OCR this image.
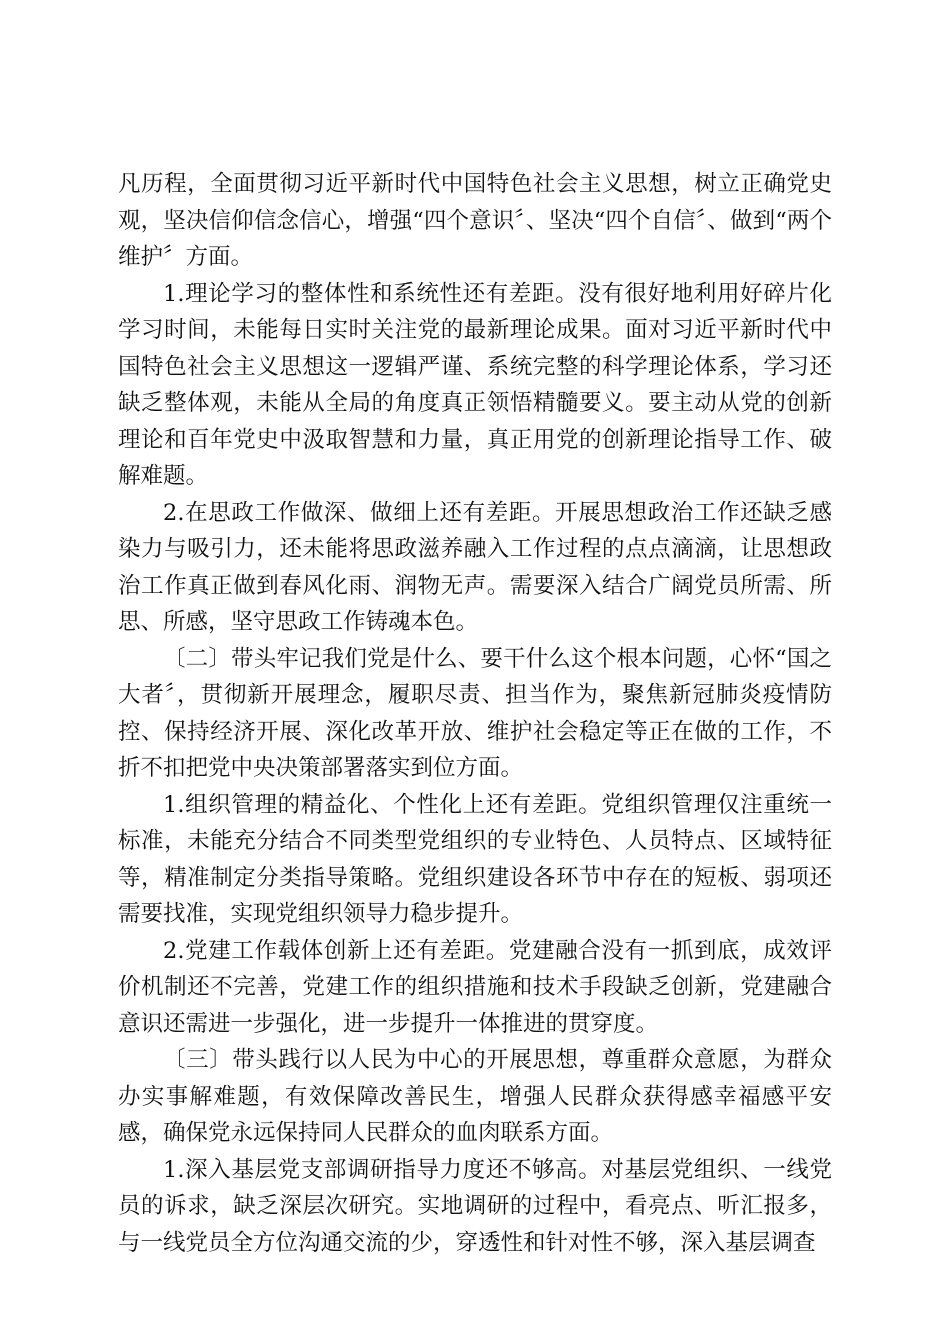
凡历程，全面贯彻习近平新时代中国特色社会主义思想，树立正确党史观，坚决信仰信念信心，增强“四个意识〞、坚决“四个自信〞、做到“两个维护〞方面。

1.理论学习的整体性和系统性还有差距。没有很好地利用好碎片化学习时间，未能每日实时关注党的最新理论成果。面对习近平新时代中国特色社会主义思想这一逻辑严谨、系统完整的科学理论体系，学习还缺乏整体观，未能从全局的角度真正领悟精髓要义。要主动从党的创新理论和百年党史中汲取智慧和力量，真正用党的创新理论指导工作、破解难题。

2.在思政工作做深、做细上还有差距。开展思想政治工作还缺乏感染力与吸引力，还未能将思政滋养融入工作过程的点点滴滴，让思想政治工作真正做到春风化雨、润物无声。需要深入结合广阔党员所需、所思、所感，坚守思政工作铸魂本色。

〔二〕带头牢记我们党是什么、要干什么这个根本问题，心怀“国之大者〞，贯彻新开展理念，履职尽责、担当作为，聚焦新冠肺炎疫情防控、保持经济开展、深化改革开放、维护社会稳定等正在做的工作，不折不扣把党中央决策部署落实到位方面。

1.组织管理的精益化、个性化上还有差距。党组织管理仅注重统一标准，未能充分结合不同类型党组织的专业特色、人员特点、区域特征等，精准制定分类指导策略。党组织建设各环节中存在的短板、弱项还需要找准，实现党组织领导力稳步提升。

2.党建工作载体创新上还有差距。党建融合没有一抓到底，成效评价机制还不完善，党建工作的组织措施和技术手段缺乏创新，党建融合意识还需进一步强化，进一步提升一体推进的贯穿度。

〔三〕带头践行以人民为中心的开展思想，尊重群众意愿，为群众办实事解难题，有效保障改善民生，增强人民群众获得感幸福感平安感，确保党永远保持同人民群众的血肉联系方面。

1.深入基层党支部调研指导力度还不够高。对基层党组织、一线党员的诉求，缺乏深层次研究。实地调研的过程中，看亮点、听汇报多，与一线党员全方位沟通交流的少，穿透性和针对性不够，深入基层调查
